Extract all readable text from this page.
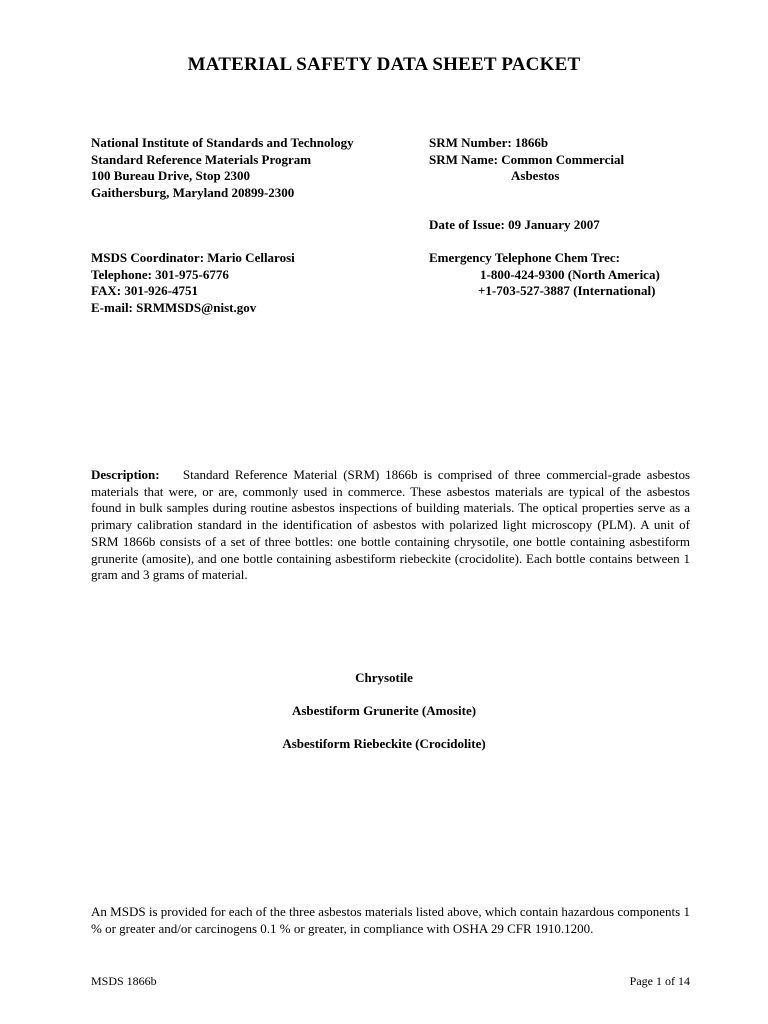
MATERIAL SAFETY DATA SHEET PACKET
National Institute of Standards and Technology
Standard Reference Materials Program
100 Bureau Drive, Stop 2300
Gaithersburg, Maryland 20899-2300
SRM Number: 1866b
SRM Name: Common Commercial
Asbestos
Date of Issue: 09 January 2007
MSDS Coordinator: Mario Cellarosi
Telephone: 301-975-6776
FAX: 301-926-4751
E-mail: SRMMSDS@nist.gov
Emergency Telephone Chem Trec:
1-800-424-9300 (North America)
+1-703-527-3887 (International)
Description: Standard Reference Material (SRM) 1866b is comprised of three commercial-grade asbestos materials that were, or are, commonly used in commerce. These asbestos materials are typical of the asbestos found in bulk samples during routine asbestos inspections of building materials. The optical properties serve as a primary calibration standard in the identification of asbestos with polarized light microscopy (PLM). A unit of SRM 1866b consists of a set of three bottles: one bottle containing chrysotile, one bottle containing asbestiform grunerite (amosite), and one bottle containing asbestiform riebeckite (crocidolite). Each bottle contains between 1 gram and 3 grams of material.
Chrysotile
Asbestiform Grunerite (Amosite)
Asbestiform Riebeckite (Crocidolite)
An MSDS is provided for each of the three asbestos materials listed above, which contain hazardous components 1 % or greater and/or carcinogens 0.1 % or greater, in compliance with OSHA 29 CFR 1910.1200.
MSDS 1866b	Page 1 of 14
